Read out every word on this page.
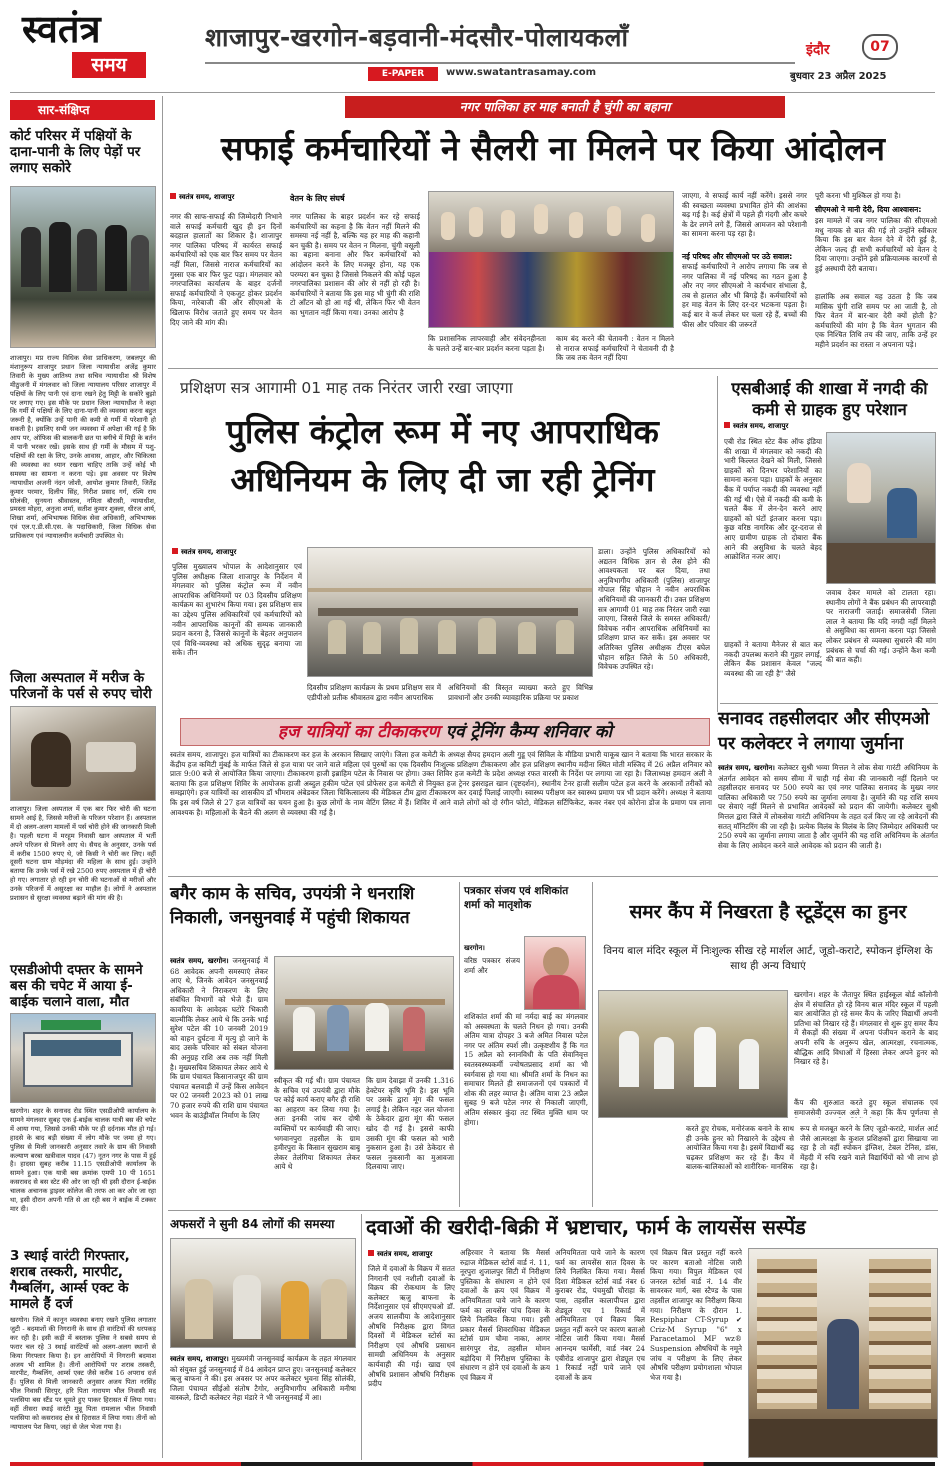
स्वतंत्र
समय
शाजापुर-खरगोन-बड़वानी-मंदसौर-पोलायकलाँ
E-PAPER	www.swatantrasamay.com
इंदौर	07
बुधवार 23 अप्रैल 2025
सार-संक्षिप्त
कोर्ट परिसर में पक्षियों के दाना-पानी के लिए पेड़ों पर लगाए सकोरे
शाजापुर। मप्र राज्य विधिक सेवा प्राधिकरण, जबलपुर की मंशानुरूप शाजापुर प्रधान जिला न्यायाधीश अजेंद्र कुमार तिवारी के मुख्य आतिथ्य तथा सचिव न्यायाधीश श्री विशेष मीठुजनी में मंगलवार को जिला न्यायालय परिसर शाजापुर में पक्षियों के लिए पानी एवं दाना रखने हेतु मिट्टी के सकोरे बुझो पर लगाए गए। इस मौके पर प्रधान जिला न्यायाधीश ने कहा कि गर्मी में पक्षियों के लिए दाना-पानी की व्यवस्था करना बहुत जरूरी है, क्योंकि उन्हें पानी की कमी से गर्मी में परेशानी हो सकती है। इसलिए सभी जन व्यवस्था में अपेक्षा की गई है कि आप पर, ऑफिस की बालकनी छत या बगीचे में मिट्टी के बर्तन में पानी भरकर रखें। इसके साथ ही गर्मी के मौसम में पशु-पक्षियों की रक्षा के लिए, उनके आवास, आहार, और चिकित्सा की व्यवस्था का ध्यान रखना चाहिए ताकि उन्हें कोई भी समस्या का सामना न करना पड़े। इस अवसर पर विशेष न्यायाधीश अजनी नंदन जोशी, आयोश कुमार तिवारी, जितेंद्र कुमार परमार, दिलीप सिंह, गिरीश प्रसाद गर्ग, रश्मि राय सोलंकी, सुनयना श्रीवास्तव, नमिता बौरासी, न्यायाधीश, प्रमस्ता मोहरा, अनुजा शर्मा, सतीश कुमार शुक्ला, धीरज आर्य, शिखा शर्मा, अभिभाषक विधिक सेवा अधिकारी, अभिभाषक एवं एल.ए.डी.सी.एस. के पदाधिकारी, जिला विधिक सेवा प्राधिकरण एवं न्यायालयीन कर्मचारी उपस्थित थे।
जिला अस्पताल में मरीज के परिजनों के पर्स से रुपए चोरी
शाजापुर। जिला अस्पताल में एक बार फिर चोरी की घटना सामने आई है, जिससे मरीजों के परिजन परेशान हैं। अस्पताल में दो अलग-अलग मामलों में पर्स चोरी होने की जानकारी मिली है। पहली घटना में मरहूम निवासी खान अस्पताल में भर्ती अपने परिजन से मिलने आए थे। सैयद के अनुसार, उनके पर्स में करीब 1500 रुपए थे, जो किसी ने चोरी कर लिए। वहीं दूसरी घटना ग्राम मोड़मंदा की महिला के साथ हुई। उन्होंने बताया कि उनके पर्स में रखे 2500 रुपए अस्पताल में ही चोरी हो गए। लगातार हो रही इन चोरी की घटनाओं से मरीजों और उनके परिजनों में असुरक्षा का माहौल है। लोगों ने अस्पताल प्रशासन से सुरक्षा व्यवस्था बढ़ाने की मांग की है।
एसडीओपी दफ्तर के सामने बस की चपेट में आया ई-बाईक चलाने वाला, मौत
खरगोन। शहर के सनावद रोड स्थित एसडीओपी कार्यालय के सामने मंगलवार सुबह एक ई-बाईक चालक यात्री बस की चपेट में आया गया, जिससे उनकी मौके पर ही दर्दनाक मौत हो गई। हादसे के बाद बड़ी संख्या में लोग मौके पर जमा हो गए। पुलिस से मिली जानकारी अनुसार तवारे के ग्राम की निवासी कल्याण बरबा खत्रीवाल यादव (47) नूतन नगर के पास में हुई है। हादसा सुबह करीब 11.15 एसडीओपी कार्यालय के सामने हुआ। एक यात्री बस क्रमांक एमपी 10 पी 1651 कसरावद से बस स्टेट की ओर जा रही थी इसी दौरान ई-बाईक चालक अचानक ड्राइवर कॉलेज की तरफ आ कर ओर जा रहा था, इसी दौरान अपनी गति से आ रही बस ने बाईक में टक्कर मार दी।
3 स्थाई वारंटी गिरफ्तार, शराब तस्करी, मारपीट, गैम्बलिंग, आर्म्स एक्ट के मामले हैं दर्ज
खरगोन। जिले में कानून व्यवस्था बनाए रखने पुलिस लगातार जुटी - बदमाशों की निगरानी के साथ ही वारंटियों की धरपकड़ कर रही है। इसी कड़ी में बस्ताक पुलिस ने सबसे समय से फरार चल रहे 3 स्थाई वारंटियों को अलग-अलग स्थानों से किया गिरफ्तार किया है। इन आरोपियों में निगरानी बदमाश अजय भी शामिल है। तीनों आरोपियों पर शराब तस्करी, मारपीट, गैम्बलिंग, आर्म्स एक्ट जैसे करीब 16 अपराध दर्ज हैं। पुलिस से मिली जानकारी अनुसार अजय पिता नरसिंह भील निवासी सिरपुर, हरि पिता नारायण भील निवासी मद पलसिया बस स्टैंड पर घूमते हुए पाकर हिरासत में लिया गया। वहीं तीसरा स्थाई वारंटी मुन्नू पिता रामलाल भील निवासी पलसिया को कसरावद क्षेत्र से हिरासत में लिया गया। तीनों को न्यायालय पेश किया, जहां से जेल भेजा गया है।
नगर पालिका हर माह बनाती है चुंगी का बहाना
सफाई कर्मचारियों ने सैलरी ना मिलने पर किया आंदोलन
स्वतंत्र समय, शाजापुर
नगर की साफ-सफाई की जिम्मेदारी निभाने वाले सफाई कर्मचारी खुद ही इन दिनों बदहाल हालातों का शिकार है। शाजापुर नगर पालिका परिषद में कार्यरत सफाई कर्मचारियों को एक बार फिर समय पर वेतन नहीं मिला, जिससे नाराज कर्मचारियों का गुस्सा एक बार फिर फूट पड़ा। मंगलवार को नगरपालिका कार्यालय के बाहर दर्जनों सफाई कर्मचारियों ने एकजुट होकर प्रदर्शन किया, नारेबाजी की और सीएमओ के खिलाफ विरोध जताते हुए समय पर वेतन दिए जाने की मांग की।
वेतन के लिए संघर्ष
नगर पालिका के बाहर प्रदर्शन कर रहे सफाई कर्मचारियों का कहना है कि वेतन नहीं मिलने की समस्या नई नहीं है, बल्कि यह हर माह की कहानी बन चुकी है। समय पर वेतन न मिलना, चुंगी वसूली का बहाना बनाना और फिर कर्मचारियों को आंदोलन करने के लिए मजबूर होना, यह एक परम्परा बन चुका है जिससे निकलने की कोई पहल नगरपालिका प्रशासन की ओर से नहीं हो रही है। कर्मचारियों ने बताया कि इस माह भी चुंगी की राशि टो आँटन बो हो आ गई थी, लेकिन फिर भी वेतन का भुगतान नहीं किया गया। उनका आरोप है
कि प्रशासनिक लापरवाही और संवेदनहीनता के चलते उन्हें बार-बार प्रदर्शन करना पड़ता है।
काम बंद करने की चेतावनी : वेतन न मिलने से नाराज सफाई कर्मचारियों ने चेतावनी दी है कि जब तक वेतन नहीं दिया
जाएगा, वे सफाई कार्य नहीं करेंगे। इससे नगर की स्वच्छता व्यवस्था प्रभावित होने की आशंका बढ़ गई है। कई क्षेत्रों में पहले ही गंदगी और कचरे के ढेर लगने लगे हैं, जिससे आमजन को परेशानी का सामना करना पड़ रहा है।
नई परिषद और सीएमओ पर उठे सवाल:
सफाई कर्मचारियों ने आरोप लगाया कि जब से नगर पालिका में नई परिषद का गठन हुआ है और नए नगर सीएमओ ने कार्यभार संभाला है, तब से हालात और भी बिगड़े हैं। कर्मचारियों को हर माह वेतन के लिए दर-दर भटकना पड़ता है। कई बार वे कर्ज लेकर घर चला रहे हैं, बच्चों की फीस और परिवार की जरूरतें
पूरी करना भी मुश्किल हो गया है।
सीएमओ ने मानी देरी, दिया आश्वासन:
इस मामले में जब नगर पालिका की सीएमओ मधु नायक से बात की गई तो उन्होंने स्वीकार किया कि इस बार वेतन देने में देरी हुई है, लेकिन जल्द ही सभी कर्मचारियों को वेतन दे दिया जाएगा। उन्होंने इसे प्रक्रियात्मक कारणों से हुई अस्थायी देरी बताया।
हालांकि अब सवाल यह उठता है कि जब मासिक चुंगी राशि समय पर आ जाती है, तो फिर वेतन में बार-बार देरी क्यों होती है? कर्मचारियों की मांग है कि वेतन भुगतान की एक निश्चित तिथि तय की जाए, ताकि उन्हें हर महीने प्रदर्शन का रास्ता न अपनाना पड़े।
प्रशिक्षण सत्र आगामी 01 माह तक निरंतर जारी रखा जाएगा
पुलिस कंट्रोल रूम में नए आपराधिक अधिनियम के लिए दी जा रही ट्रेनिंग
स्वतंत्र समय, शाजापुर
पुलिस मुख्यालय भोपाल के आदेशानुसार एवं पुलिस अधीक्षक जिला शाजापुर के निर्देशन में मंगलवार को पुलिस कंट्रोल रूम में नवीन आपराधिक अधिनियमों पर 03 दिवसीय प्रशिक्षण कार्यक्रम का शुभारंभ किया गया। इस प्रशिक्षण सत्र का उद्देश्य पुलिस अधिकारियों एवं कर्मचारियों को नवीन आपराधिक कानूनों की सम्यक जानकारी प्रदान करना है, जिससे कानूनों के बेहतर अनुपालन एवं विधि-व्यवस्था को अधिक सुदृढ़ बनाया जा सके। तीन
दिवसीय प्रशिक्षण कार्यक्रम के प्रथम प्रशिक्षण सत्र में एडीपीओ प्रतीक श्रीवास्तव द्वारा नवीन आपराधिक
अधिनियमों की विस्तृत व्याख्या करते हुए विभिन्न प्रावधानों और उनकी व्यावहारिक प्रक्रिया पर प्रकाश
डाला। उन्होंने पुलिस अधिकारियों को अद्यतन विधिक ज्ञान से लैस होने की आवश्यकता पर बल दिया, तथा अनुविभागीय अधिकारी (पुलिस) शाजापुर गोपाल सिंह चौहान ने नवीन अपराधिक अधिनियमों की जानकारी दी। उक्त प्रशिक्षण सत्र आगामी 01 माह तक निरंतर जारी रखा जाएगा, जिससे जिले के समस्त अधिकारी/विवेचक नवीन आपराधिक अधिनियमों का प्रशिक्षण प्राप्त कर सकें। इस अवसर पर अतिरिक्त पुलिस अधीक्षक टीएस बघेल चौहान सहित जिले के 50 अधिकारी, विवेचक उपस्थित रहे।
एसबीआई की शाखा में नगदी की कमी से ग्राहक हुए परेशान
स्वतंत्र समय, शाजापुर
एबी रोड स्थित स्टेट बैंक ऑफ इंडिया की शाखा में मंगलवार को नकदी की भारी किल्लत देखने को मिली, जिससे ग्राहकों को दिनभर परेशानियों का सामना करना पड़ा। ग्राहकों के अनुसार बैंक में पर्याप्त नकदी की व्यवस्था नहीं की गई थी। ऐसे में नकदी की कमी के चलते बैंक में लेन-देन करने आए ग्राहकों को घंटों इंतजार करना पड़ा। कुछ वरिष्ठ नागरिक और दूर-दराज से आए ग्रामीण ग्राहक तो दोबारा बैंक आने की असुविधा के चलते बेहद आक्रोशित नजर आए।
ग्राहकों ने बताया मैनेजर से बात कर नकदी उपलब्ध कराने की गुहार लगाई, लेकिन बैंक प्रशासन केवल "जल्द व्यवस्था की जा रही है" जैसे
जवाब देकर मामले को टालता रहा। स्थानीय लोगों ने बैंक प्रबंधन की लापरवाही पर नाराजगी जताई। समाजसेवी जिला लाल ने बताया कि यदि नगदी नहीं मिलने से असुविधा का सामना करना पड़ा जिससे लोकर प्रबंधन से व्यवस्था सुधारने की मांग प्रबंधक से चर्चा की गई। उन्होंने कैश कमी की बात कही।
सनावद तहसीलदार और सीएमओ पर कलेक्टर ने लगाया जुर्माना
स्वतंत्र समय, खरगोन। कलेक्टर सुश्री भव्या मित्तल ने लोक सेवा गारंटी अधिनियम के अंतर्गत आवेदन को समय सीमा में चाही गई सेवा की जानकारी नहीं दिलाने पर तहसीलदार सनावद पर 500 रुपये का एवं नगर पालिका सनावद के मुख्य नगर पालिका अधिकारी पर 750 रुपये का जुर्माना लगाया है। जुर्माने की यह राशि समय पर सेवाएं नहीं मिलने से प्रभावित आवेदकों को प्रदान की जायेगी। कलेक्टर सुश्री मित्तल द्वारा जिले में लोकसेवा गारंटी अधिनियम के तहत दर्ज किए जा रहे आवेदनों की सतत् मॉनिटरिंग की जा रही है। प्रत्येक विलंब के विलंब के लिए जिम्मेदार अधिकारी पर 250 रुपये का जुर्माना लगाया जाता है और जुर्माने की यह राशि अधिनियम के अंतर्गत सेवा के लिए आवेदन करने वाले आवेदक को प्रदान की जाती है।
हज यात्रियों का टीकाकरण एवं ट्रेनिंग कैम्प शनिवार को
स्वतंत्र समय, शाजापुर। हज यात्रियों का टीकाकरण कर हज के अरकान सिखाए जाएंगे। जिला हज कमेटी के अध्यक्ष सैयद हमदान अली गुडू एवं सिविल के मीडिया प्रभारी याकूब खान ने बताया कि भारत सरकार के केंद्रीय हज कमिटी मुंबई के मार्फत जिले से हज यात्रा पर जाने वाले महिला एवं पुरुषों का एक दिवसीय निःशुल्क प्रशिक्षण टीकाकरण और हज प्रशिक्षण स्थानीय मदीना स्थित मोती मस्जिद में 26 अप्रैल शनिवार को प्रातः 9:00 बजे से आयोजित किया जाएगा। टीकाकरण हाजी इब्राहिम पटेल के निवास पर होगा। उक्त शिविर हज कमेटी के प्रदेश अध्यक्ष रफत वारसी के निर्देश पर लगाया जा रहा है। जिलाध्यक्ष हमदान अली ने बताया कि हज प्रशिक्षण शिविर के आयोजक हाजी अब्दुल हकीम पटेल एवं प्रोफेसर हज कमेटी से नियुक्त हज ट्रेनर इसराइल खान (दृष्टदर्शन), स्थानीय टेनर हाजी सलीम पटेल हज करने के अरकानों तरीकों को समझाएंगे। हज यात्रियों का शासकीय डॉ भीमराव अंबेडकर जिला चिकित्सालय की मेडिकल टीम द्वारा टीकाकरण कर दवाई पिलाई जाएगी। स्वास्थ्य परीक्षण कर स्वास्थ्य प्रमाण पत्र भी प्रदान करेंगे। अध्यक्ष ने बताया कि इस वर्ष जिले से 27 हज यात्रियों का चयन हुआ है। कुछ लोगों के नाम वेटिंग लिस्ट में हैं। शिविर में आने वाले लोगों को दो रंगीन फोटो, मेडिकल सर्टिफिकेट, कवर नंबर एवं कोरोना डोज के प्रमाण पत्र लाना आवश्यक है। महिलाओं के बैठने की अलग से व्यवस्था की गई है।
बगैर काम के सचिव, उपयंत्री ने धनराशि निकाली, जनसुनवाई में पहुंची शिकायत
स्वतंत्र समय, खरगोन। जनसुनवाई में 68 आवेदक अपनी समस्याएं लेकर आए थे, जिनके आवेदन जनसुनवाई अधिकारी ने निराकरण के लिए संबंधित विभागों को भेजे हैं। ग्राम कावरिया के आवेदक घटोरे भिकारी बाल्मीकि लेकर आये थे कि उनके भाई सुरेश पटेल की 10 जनवरी 2019 को वाहन दुर्घटना में मृत्यु हो जाने के बाद उसके परिवार को संबल योजना की अनुग्रह राशि अब तक नहीं मिली है। मुख्यसचिव शिकायत लेकर आये थे कि ग्राम पंचायत किसानाजपुर की ग्राम पंचायत बलवाड़ी में उन्हें किस आवेदन पर 02 जनवरी 2023 को 01 लाख 70 हजार रुपये की राशि ग्राम पंचायत भवन के बाउंड्रीवॉल निर्माण के लिए
स्वीकृत की गई थी। ग्राम पंचायत के सचिव एवं उपयंत्री द्वारा मौके पर कोई कार्य कराए बगैर ही राशि का आहरण कर लिया गया है। अतः इनकी जांच कर दोषी व्यक्तियों पर कार्यवाही की जाए। भगवानपुरा तहसील के ग्राम हमीरपुरा के किसान सुखराम बाबू लेकर तेलंगिया शिकायत लेकर आये थे
कि ग्राम देवाझा में उनकी 1.316 हेक्टेयर कृषि भूमि है। इस भूमि पर उसके द्वारा मूंग की फसल लगाई है। लेकिन नहर जल योजना के ठेकेदार द्वारा मूंग की फसल खोद दी गई है। इससे काफी उसकी मूंग की फसल को भारी नुकसान हुआ है। उसे ठेकेदार से फसल नुकसानी का मुआवजा दिलवाया जाए।
पत्रकार संजय एवं शशिकांत शर्मा को मातृशोक
खरगोन।
वरिष्ठ पत्रकार संजय शर्मा और
शशिकांत शर्मा की मां नर्मदा बाई का मंगलवार को अस्वस्थता के चलते निधन हो गया। उनकी अंतिम यात्रा दोपहर 3 बजे अमित निवास पटेल नगर पर अंतिम स्पर्श ली। उत्कृष्टशीय हैं कि गत 15 अप्रैल को स्नानविधी के पति सेवानिवृत्त स्वतस्वस्थ्यकर्मी ज्योषतप्रसाद शर्मा का भी स्वर्गवास हो गया था। श्रीमति शर्मा के निधन का समाचार मिलते ही समाजजनों एवं पत्रकारों में शोक की लहर व्याप्त है। अंतिम यात्रा 23 अप्रैल सुबह 9 बजे पटेल नगर से निकाली जाएगी, अंतिम संस्कार कुंदा तट स्थित मुक्ति धाम पर होगा।
समर कैंप में निखरता है स्टूडेंट्स का हुनर
विनय बाल मंदिर स्कूल में निःशुल्क सीख रहे मार्शल आर्ट, जूडो-कराटे, स्पोकन इंग्लिश के साथ ही अन्य विधाएं
खरगोन। शहर के जैतापुर स्थित हाईस्कूल बोर्ड कॉलोनी क्षेत्र में संचालित हो रहे विनय बाल मंदिर स्कूल में पहली बार आयोजित हो रहे समर कैंप के जरिए विद्यार्थी अपनी प्रतिभा को निखार रहे हैं। मंगलवार से शुरू हुए समर कैंप में सैकड़ों की संख्या में अपना पंजीयन कराने के बाद अपनी रुचि के अनुरूप खेल, आत्मरक्षा, रचनात्मक, बौद्धिक आदि विधाओं में हिस्सा लेकर अपने हुनर को निखार रहे है।
कैंप की शुरुआत करते हुए स्कूल संचालक एवं समाजसेवी उज्ज्वल अले ने कहा कि कैंप पूर्णतया से
करते हुए रोचक, मनोरंजक बनाने के साथ ही उनके हुनर को निखारने के उद्देश्य से आयोजित किया गया है। इसमें विद्यार्थी बढ़ चढ़कर प्रशिक्षण कर रहे हैं। कैंप में बालक-बालिकाओं को शारीरिक- मानसिक
रूप से मजबूत करने के लिए जूडो-कराटे, मार्शल आर्ट जैसे आत्मरक्षा के कुशल प्रशिक्षकों द्वारा सिखाया जा रहा है तो वहीं स्पोकन इंग्लिश, टेबल टेनिस, डांस, मेंहदी में रुचि रखने वाले विद्यार्थियों को भी लाभ हो रहा है।
अफसरों ने सुनी 84 लोगों की समस्या
स्वतंत्र समय, शाजापुर। मुख्यमंत्री जनसुनवाई कार्यक्रम के तहत मंगलवार को संयुक्त हुई जनसुनवाई में 84 आवेदन प्राप्त हुए। जनसुनवाई कलेक्टर ऋजु बाफना ने की। इस अवसर पर अपर कलेक्टर भुवना सिंह सोलंकी, जिला पंचायत सीईओ संतोष टैगोर, अनुविभागीय अधिकारी मनीषा वास्कले, डिप्टी कलेक्टर नेहा मंडारे ने भी जनसुनवाई में आ।
दवाओं की खरीदी-बिक्री में भ्रष्टाचार, फार्म के लायसेंस सस्पेंड
स्वतंत्र समय, शाजापुर
जिले में दवाओं के विक्रय में सतत निगरानी एवं नशीली दवाओं के विक्रय की रोकथाम के लिए कलेक्टर ऋजु बाफना के निर्देशानुसार एवं सीएमएचओ डॉ. अजय सालवीया के आदेशानुसार औषधि निरीक्षक द्वारा विगत दिवसों में मेडिकल स्टोर्स का निरीक्षण एवं औषधि प्रसाधन सामग्री अधिनियम के अनुसार कार्यवाही की गई। खाद्य एवं औषधि प्रशासन औषधि निरीक्षक प्रदीप
अहिरवार ने बताया कि मैसर्स रुद्राज मेडिकल स्टोर्स वार्ड नं. 11, नूरपुरा शुजालपुर सिटी में निरीक्षण पुस्तिका के संधारण न होने एवं दवाओं के क्रय एवं विक्रय में अनियमितता पाये जाने के कारण फर्म का लायसेंस पांच दिवस के लिये निलंबित किया गया। इसी प्रकार मैसर्स शिवराधिका मेडिकल स्टोर्स ग्राम चौमा नाका, आगर सारंगपुर रोड, तहसील मोमन बड़ोदिया में निरीक्षण पुस्तिका के संधारण न होने एवं दवाओं के क्रय एवं विक्रय में
अनियमितता पाये जाने के कारण फर्म का लायसेंस सात दिवस के लिये निलंबित किया गया। मैसर्स दिशा मेडिकल स्टोर्स वार्ड नंबर 6 कुराबर रोड, पंचमुखी चौराहा के पास, तहसील कालापीपल द्वारा शेड्यूल एच 1 रिकार्ड में अनियमितता एवं विक्रय बिल प्रस्तुत नहीं करने पर कारण बताओ नोटिस जारी किया गया। मैसर्स आनन्दम फार्मेसी, वार्ड नंबर 24 एबीरोड शाजापुर द्वारा शेड्यूल एच 1 रिकार्ड नहीं पाये जाने एवं दवाओं के क्रय
एवं विक्रय बिल प्रस्तुत नहीं करने पर कारण बताओ नोटिस जारी किया गया। विपुल मेडिकल एवं जनरल स्टोर्स वार्ड नं. 14 वीर सावरकर मार्ग, बस स्टैण्ड के पास तहसील शाजापुर का निरीक्षण किया गया। निरीक्षण के दौरान 1. Respiphar CT-Syrup ✔ Criz-M Syrup "6" x Paracetamol MF wz® Suspension औषधियों के नमूने जांच व परीक्षण के लिए लेकर औषधि परीक्षण प्रयोगशाला भोपाल भेज गया है।
